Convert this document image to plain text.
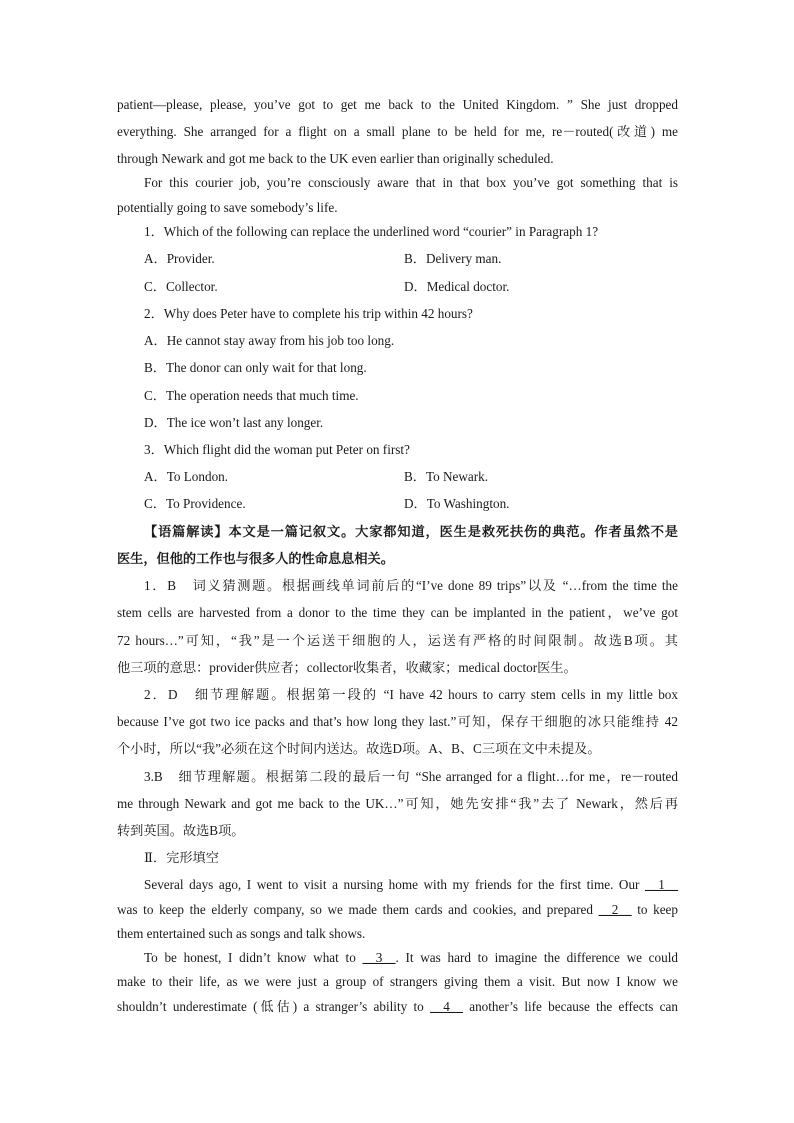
patient—please, please, you’ve got to get me back to the United Kingdom. ” She just dropped
everything. She arranged for a flight on a small plane to be held for me, re－routed(改道) me
through Newark and got me back to the UK even earlier than originally scheduled.
For this courier job, you’re consciously aware that in that box you’ve got something that is
potentially going to save somebody’s life.
1．Which of the following can replace the underlined word “courier” in Paragraph 1?
A．Provider.	B．Delivery man.
C．Collector.	D．Medical doctor.
2．Why does Peter have to complete his trip within 42 hours?
A．He cannot stay away from his job too long.
B．The donor can only wait for that long.
C．The operation needs that much time.
D．The ice won’t last any longer.
3．Which flight did the woman put Peter on first?
A．To London.	B．To Newark.
C．To Providence.	D．To Washington.
【语篇解读】本文是一篇记叙文。大家都知道，医生是救死扶伤的典范。作者虽然不是
医生，但他的工作也与很多人的性命息息相关。
1．B　词义猜测题。根据画线单词前后的“I’ve done 89 trips”以及 “…from the time the
stem cells are harvested from a donor to the time they can be implanted in the patient，we’ve got
72 hours…”可知，“我”是一个运送干细胞的人，运送有严格的时间限制。故选B项。其
他三项的意思：provider供应者；collector收集者，收藏家；medical doctor医生。
2．D　细节理解题。根据第一段的 “I have 42 hours to carry stem cells in my little box
because I’ve got two ice packs and that’s how long they last.”可知，保存干细胞的冰只能维持 42
个小时，所以“我”必须在这个时间内送达。故选D项。A、B、C三项在文中未提及。
3.B　细节理解题。根据第二段的最后一句 “She arranged for a flight…for me，re－routed
me through Newark and got me back to the UK…”可知，她先安排“我”去了 Newark，然后再
转到英国。故选B项。
Ⅱ．完形填空
Several days ago, I went to visit a nursing home with my friends for the first time. Our __1__
was to keep the elderly company, so we made them cards and cookies, and prepared __2__ to keep
them entertained such as songs and talk shows.
To be honest, I didn’t know what to __3__. It was hard to imagine the difference we could
make to their life, as we were just a group of strangers giving them a visit. But now I know we
shouldn’t underestimate (低估) a stranger’s ability to __4__ another’s life because the effects can
